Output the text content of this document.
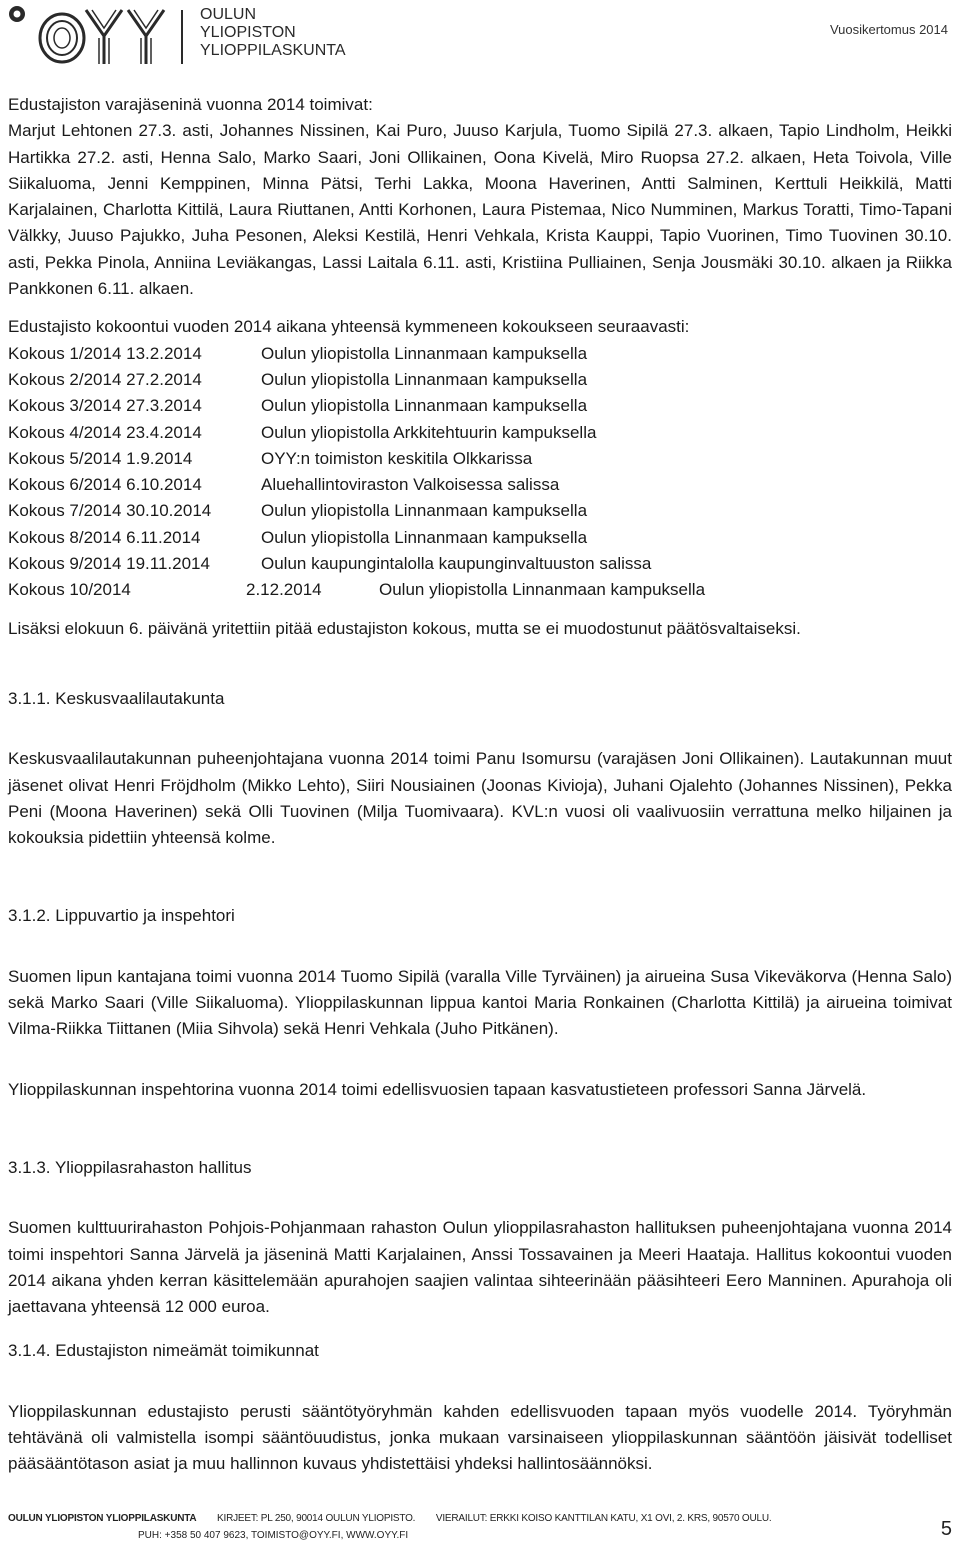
OULUN
YLIOPISTON
YLIOPPILASKUNTA
Vuosikertomus 2014

Edustajiston varajäseninä vuonna 2014 toimivat:

Marjut Lehtonen 27.3. asti, Johannes Nissinen, Kai Puro, Juuso Karjula, Tuomo Sipilä 27.3. alkaen, Tapio Lindholm, Heikki Hartikka 27.2. asti, Henna Salo, Marko Saari, Joni Ollikainen, Oona Kivelä, Miro Ruopsa 27.2. alkaen, Heta Toivola, Ville Siikaluoma, Jenni Kemppinen, Minna Pätsi, Terhi Lakka, Moona Haverinen, Antti Salminen, Kerttuli Heikkilä, Matti Karjalainen, Charlotta Kittilä, Laura Riuttanen, Antti Korhonen, Laura Pistemaa, Nico Numminen, Markus Toratti, Timo-Tapani Välkky, Juuso Pajukko, Juha Pesonen, Aleksi Kestilä, Henri Vehkala, Krista Kauppi, Tapio Vuorinen, Timo Tuovinen 30.10. asti, Pekka Pinola, Anniina Leviäkangas, Lassi Laitala 6.11. asti, Kristiina Pulliainen, Senja Jousmäki 30.10. alkaen ja Riikka Pankkonen 6.11. alkaen.

Edustajisto kokoontui vuoden 2014 aikana yhteensä kymmeneen kokoukseen seuraavasti:

Kokous 1/2014 13.2.2014	Oulun yliopistolla Linnanmaan kampuksella
Kokous 2/2014 27.2.2014	Oulun yliopistolla Linnanmaan kampuksella
Kokous 3/2014 27.3.2014	Oulun yliopistolla Linnanmaan kampuksella
Kokous 4/2014 23.4.2014	Oulun yliopistolla Arkkitehtuurin kampuksella
Kokous 5/2014 1.9.2014	OYY:n toimiston keskitila Olkkarissa
Kokous 6/2014 6.10.2014	Aluehallintoviraston Valkoisessa salissa
Kokous 7/2014 30.10.2014	Oulun yliopistolla Linnanmaan kampuksella
Kokous 8/2014 6.11.2014	Oulun yliopistolla Linnanmaan kampuksella
Kokous 9/2014 19.11.2014	Oulun kaupungintalolla kaupunginvaltuuston salissa
Kokous 10/2014	2.12.2014	Oulun yliopistolla Linnanmaan kampuksella

Lisäksi elokuun 6. päivänä yritettiin pitää edustajiston kokous, mutta se ei muodostunut päätösvaltaiseksi.

3.1.1. Keskusvaalilautakunta

Keskusvaalilautakunnan puheenjohtajana vuonna 2014 toimi Panu Isomursu (varajäsen Joni Ollikainen). Lautakunnan muut jäsenet olivat Henri Fröjdholm (Mikko Lehto), Siiri Nousiainen (Joonas Kivioja), Juhani Ojalehto (Johannes Nissinen), Pekka Peni (Moona Haverinen) sekä Olli Tuovinen (Milja Tuomivaara). KVL:n vuosi oli vaalivuosiin verrattuna melko hiljainen ja kokouksia pidettiin yhteensä kolme.

3.1.2. Lippuvartio ja inspehtori

Suomen lipun kantajana toimi vuonna 2014 Tuomo Sipilä (varalla Ville Tyrväinen) ja airueina Susa Vikeväkorva (Henna Salo) sekä Marko Saari (Ville Siikaluoma). Ylioppilaskunnan lippua kantoi Maria Ronkainen (Charlotta Kittilä) ja airueina toimivat Vilma-Riikka Tiittanen (Miia Sihvola) sekä Henri Vehkala (Juho Pitkänen).

Ylioppilaskunnan inspehtorina vuonna 2014 toimi edellisvuosien tapaan kasvatustieteen professori Sanna Järvelä.

3.1.3. Ylioppilasrahaston hallitus

Suomen kulttuurirahaston Pohjois-Pohjanmaan rahaston Oulun ylioppilasrahaston hallituksen puheenjohtajana vuonna 2014 toimi inspehtori Sanna Järvelä ja jäseninä Matti Karjalainen, Anssi Tossavainen ja Meeri Haataja. Hallitus kokoontui vuoden 2014 aikana yhden kerran käsittelemään apurahojen saajien valintaa sihteerinään pääsihteeri Eero Manninen. Apurahoja oli jaettavana yhteensä 12 000 euroa.

3.1.4. Edustajiston nimeämät toimikunnat

Ylioppilaskunnan edustajisto perusti sääntötyöryhmän kahden edellisvuoden tapaan myös vuodelle 2014. Työryhmän tehtävänä oli valmistella isompi sääntöuudistus, jonka mukaan varsinaiseen ylioppilaskunnan sääntöön jäisivät todelliset pääsääntötason asiat ja muu hallinnon kuvaus yhdistettäisi yhdeksi hallintosäännöksi.

OULUN YLIOPISTON YLIOPPILASKUNTA KIRJEET: PL 250, 90014 OULUN YLIOPISTO. VIERAILUT: ERKKI KOISO KANTTILAN KATU, X1 OVI, 2. KRS, 90570 OULU.
PUH: +358 50 407 9623, TOIMISTO@OYY.FI, WWW.OYY.FI	5
